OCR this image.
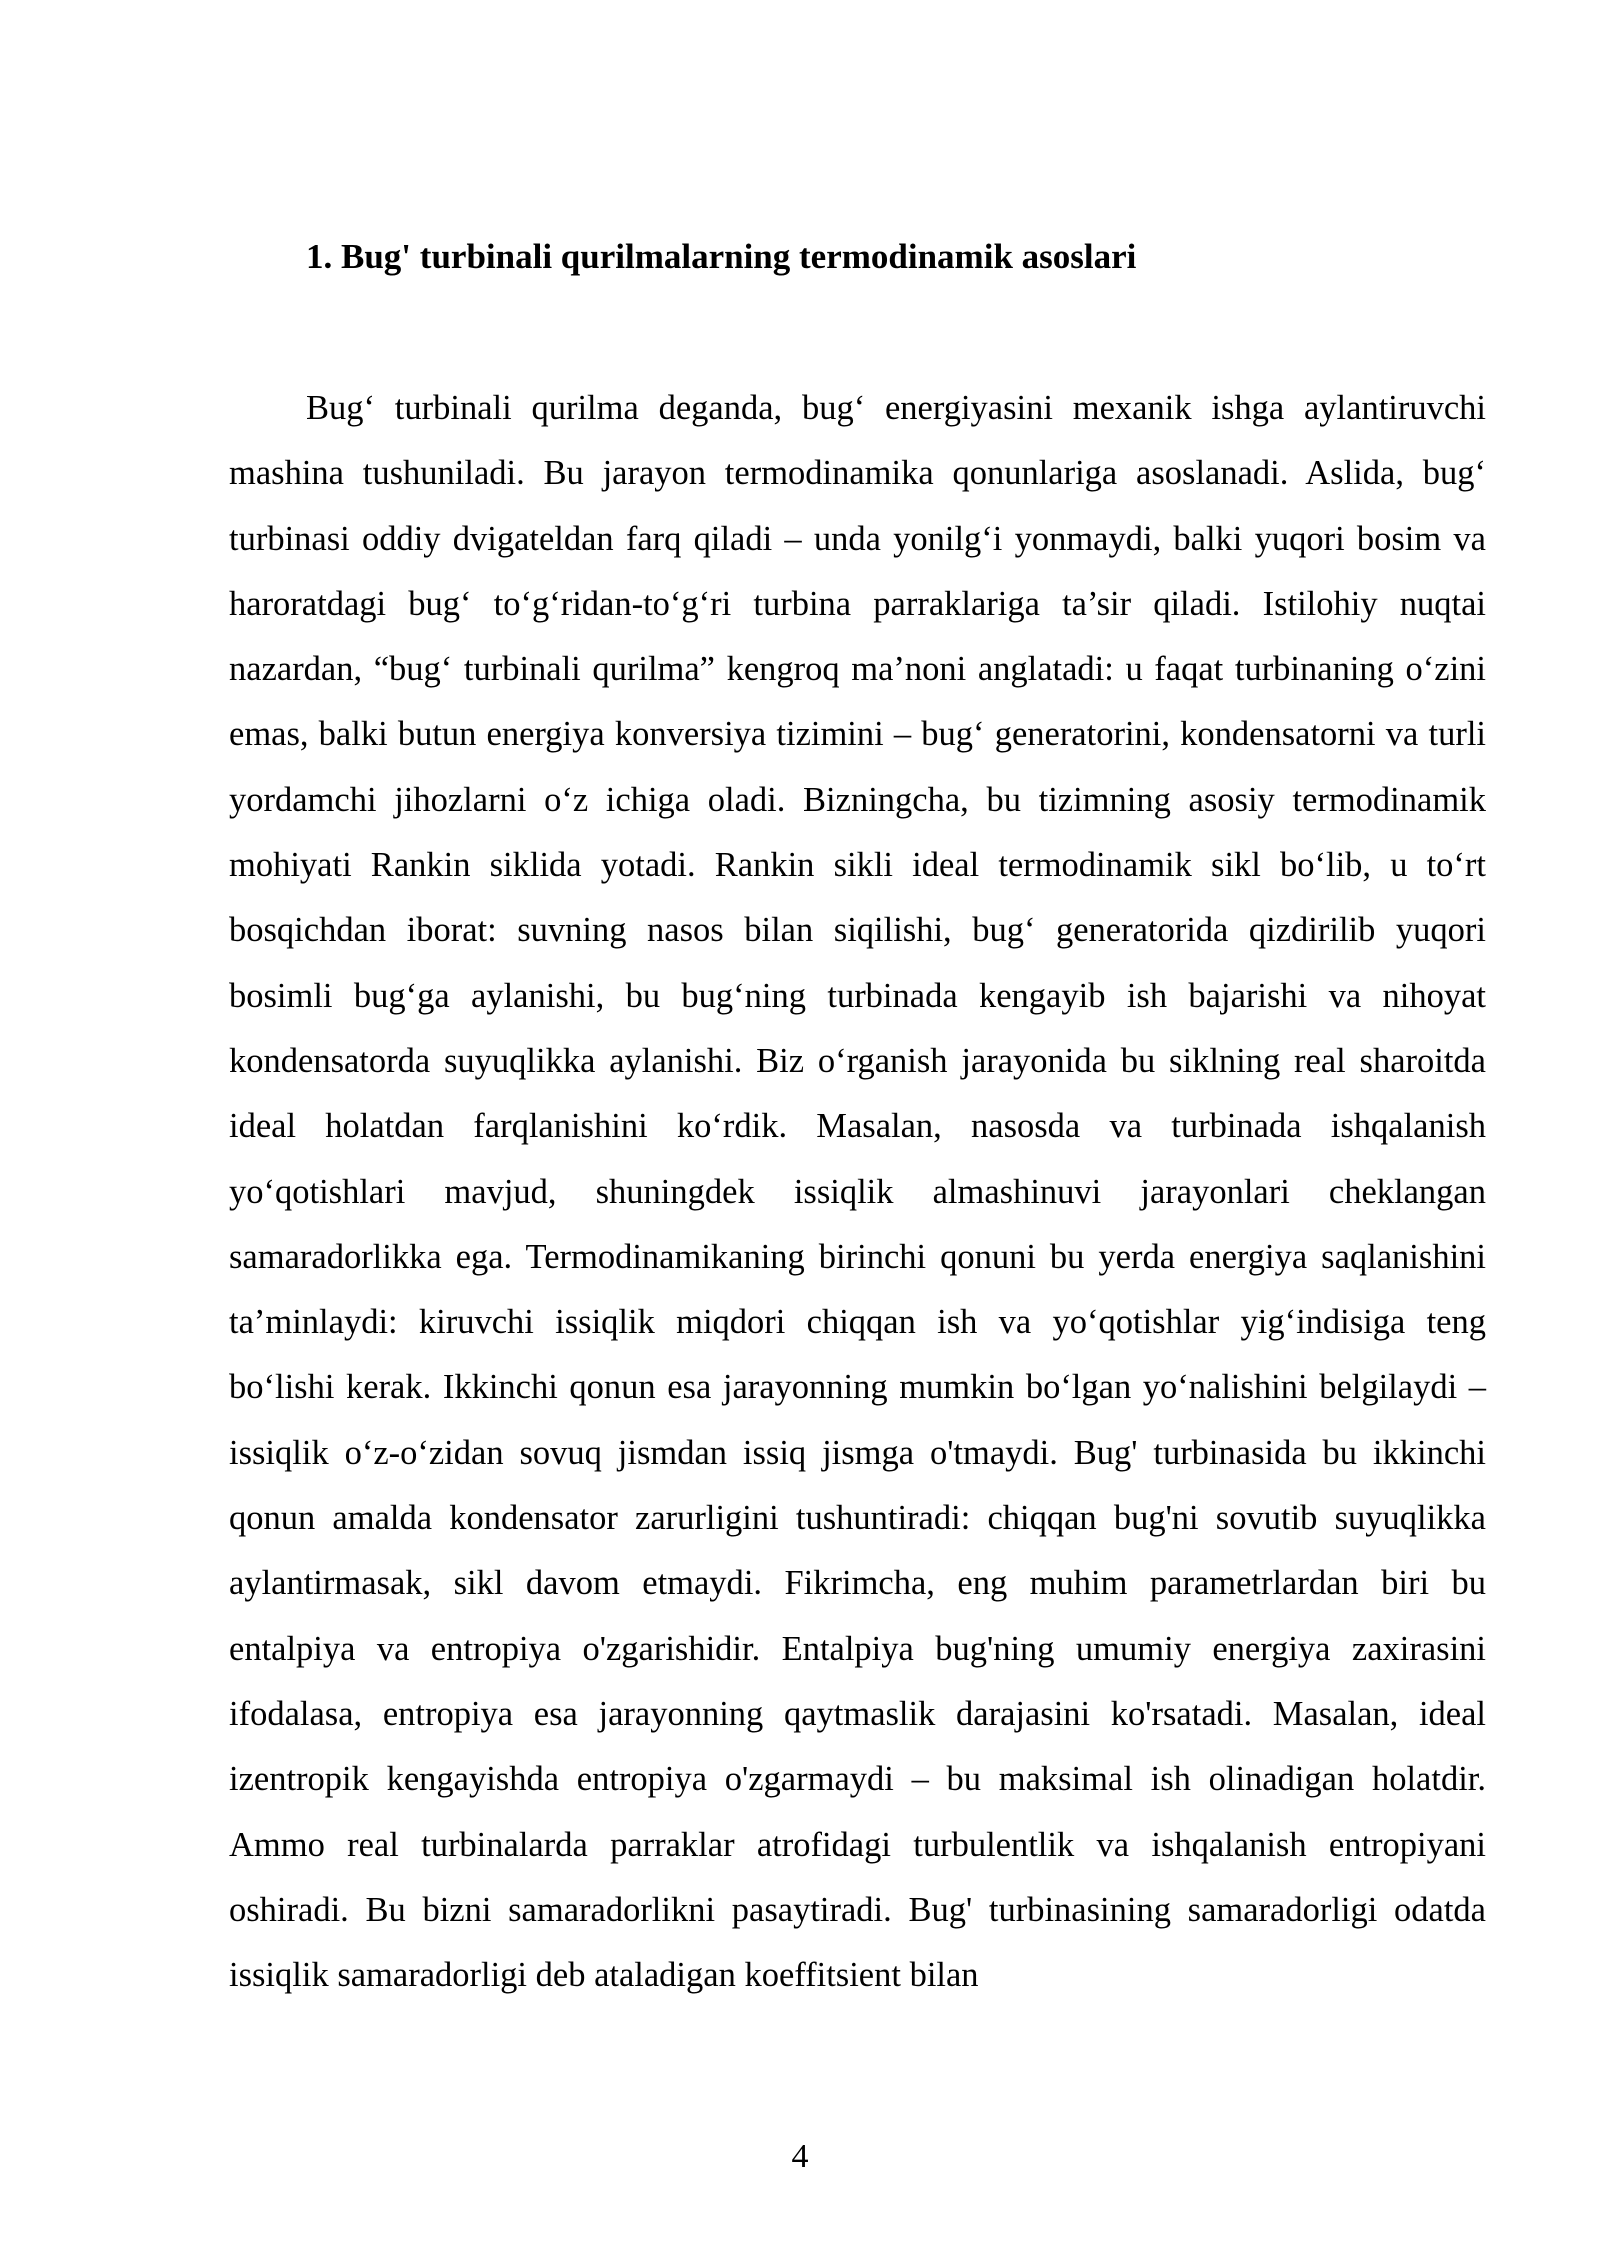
1. Bug' turbinali qurilmalarning termodinamik asoslari

Bug‘ turbinali qurilma deganda, bug‘ energiyasini mexanik ishga aylantiruvchi mashina tushuniladi. Bu jarayon termodinamika qonunlariga asoslanadi. Aslida, bug‘ turbinasi oddiy dvigateldan farq qiladi – unda yonilg‘i yonmaydi, balki yuqori bosim va haroratdagi bug‘ to‘g‘ridan-to‘g‘ri turbina parraklariga ta’sir qiladi. Istilohiy nuqtai nazardan, “bug‘ turbinali qurilma” kengroq ma’noni anglatadi: u faqat turbinaning o‘zini emas, balki butun energiya konversiya tizimini – bug‘ generatorini, kondensatorni va turli yordamchi jihozlarni o‘z ichiga oladi. Bizningcha, bu tizimning asosiy termodinamik mohiyati Rankin siklida yotadi. Rankin sikli ideal termodinamik sikl bo‘lib, u to‘rt bosqichdan iborat: suvning nasos bilan siqilishi, bug‘ generatorida qizdirilib yuqori bosimli bug‘ga aylanishi, bu bug‘ning turbinada kengayib ish bajarishi va nihoyat kondensatorda suyuqlikka aylanishi. Biz o‘rganish jarayonida bu siklning real sharoitda ideal holatdan farqlanishini ko‘rdik. Masalan, nasosda va turbinada ishqalanish yo‘qotishlari mavjud, shuningdek issiqlik almashinuvi jarayonlari cheklangan samaradorlikka ega. Termodinamikaning birinchi qonuni bu yerda energiya saqlanishini ta’minlaydi: kiruvchi issiqlik miqdori chiqqan ish va yo‘qotishlar yig‘indisiga teng bo‘lishi kerak. Ikkinchi qonun esa jarayonning mumkin bo‘lgan yo‘nalishini belgilaydi – issiqlik o‘z-o‘zidan sovuq jismdan issiq jismga o'tmaydi. Bug' turbinasida bu ikkinchi qonun amalda kondensator zarurligini tushuntiradi: chiqqan bug'ni sovutib suyuqlikka aylantirmasak, sikl davom etmaydi. Fikrimcha, eng muhim parametrlardan biri bu entalpiya va entropiya o'zgarishidir. Entalpiya bug'ning umumiy energiya zaxirasini ifodalasa, entropiya esa jarayonning qaytmaslik darajasini ko'rsatadi. Masalan, ideal izentropik kengayishda entropiya o'zgarmaydi – bu maksimal ish olinadigan holatdir. Ammo real turbinalarda parraklar atrofidagi turbulentlik va ishqalanish entropiyani oshiradi. Bu bizni samaradorlikni pasaytiradi. Bug' turbinasining samaradorligi odatda issiqlik samaradorligi deb ataladigan koeffitsient bilan

4
